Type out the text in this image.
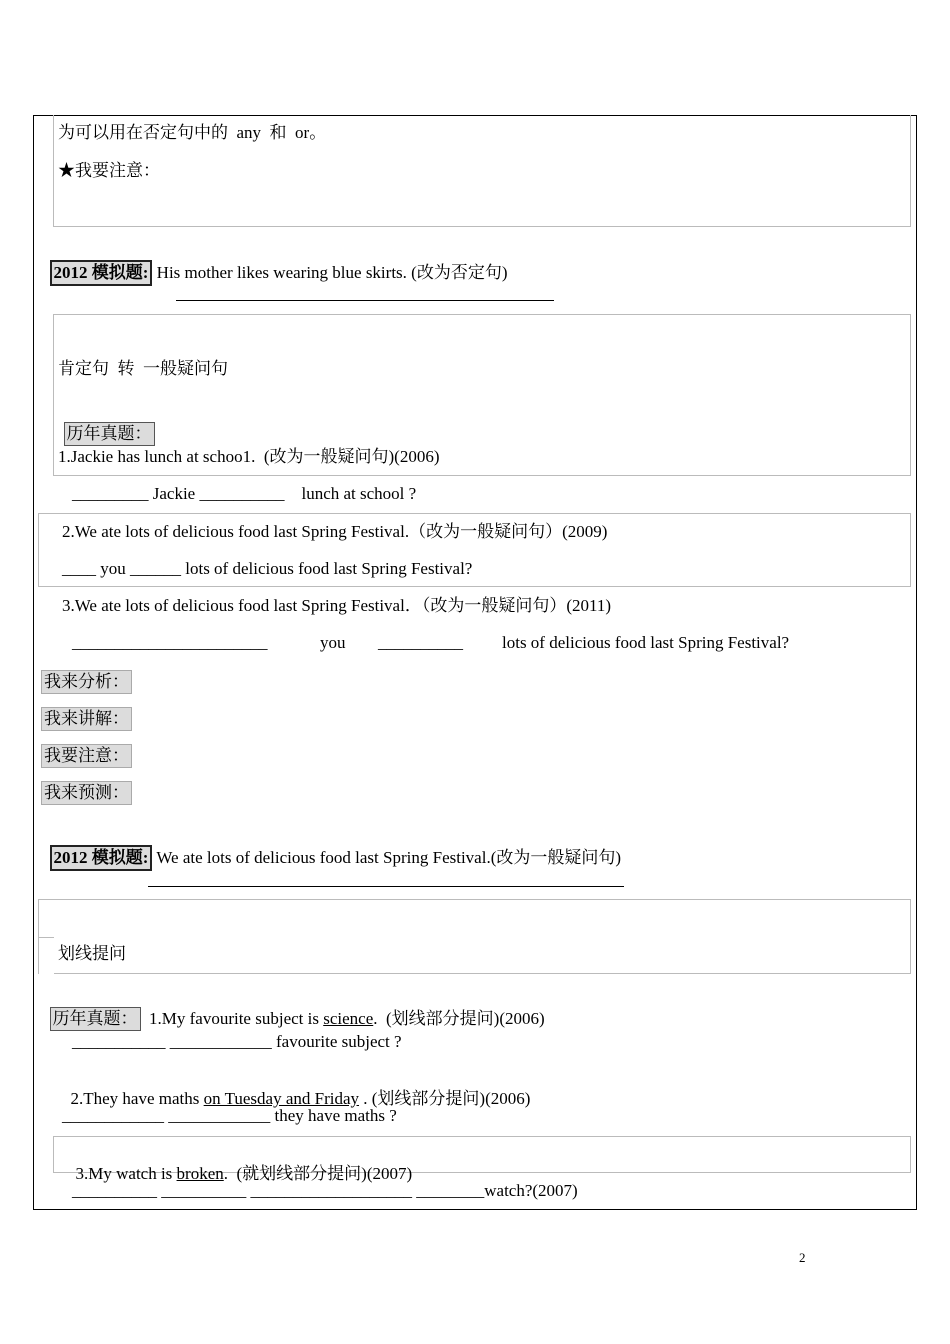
为可以用在否定句中的  any  和  or。
★我要注意：

2012 模拟题: His mother likes wearing blue skirts. (改为否定句)

肯定句  转  一般疑问句

历年真题：

1.Jackie has lunch at schoo1.  (改为一般疑问句)(2006)
_________ Jackie __________    lunch at school ?
2.We ate lots of delicious food last Spring Festival.（改为一般疑问句）(2009)
____ you ______ lots of delicious food last Spring Festival?
3.We ate lots of delicious food last Spring Festival．（改为一般疑问句）(2011)
_______________________	you __________ lots of delicious food last Spring Festival?
我来分析：
我来讲解：
我要注意：
我来预测：

2012 模拟题: We ate lots of delicious food last Spring Festival.(改为一般疑问句)

划线提问

历年真题： 1.My favourite subject is science.  (划线部分提问)(2006)

___________ ____________ favourite subject ?

2.They have maths on Tuesday and Friday . (划线部分提问)(2006)

____________ ____________ they have maths ?

3.My watch is broken.  (就划线部分提问)(2007)

__________ __________ ___________________ ________watch?(2007)
2
